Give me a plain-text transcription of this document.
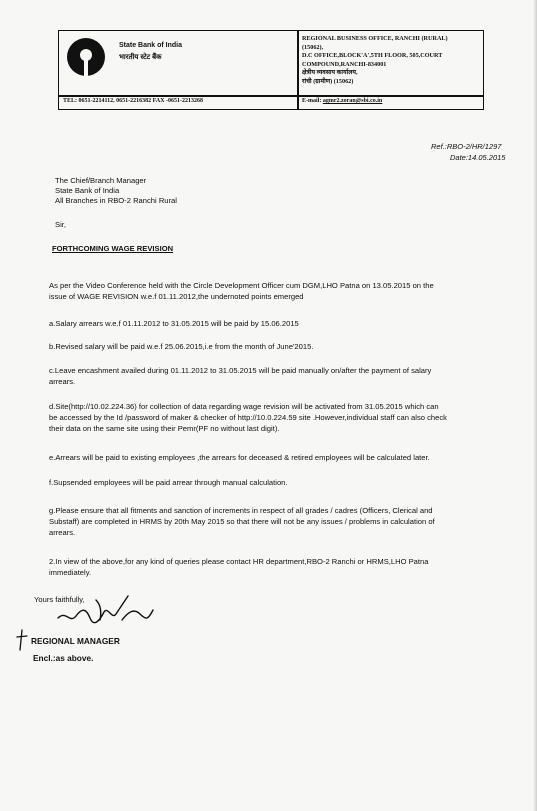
State Bank of India
भारतीय स्टेट बैंक
REGIONAL BUSINESS OFFICE, RANCHI (RURAL)
(15062),
D.C OFFICE,BLOCK'A',5TH FLOOR, 505,COURT
COMPOUND,RANCHI-834001
क्षेत्रीय व्यवसाय कार्यालय,
रांची (ग्रामीण) (15062)
TEL: 0651-2214112, 0651-2216382 FAX -0651-2213268	E-mail: agmr2.zoran@sbi.co.in
Ref.:RBO-2/HR/1297
Date:14.05.2015
The Chief/Branch Manager
State Bank of India
All Branches in RBO-2 Ranchi Rural
Sir,
FORTHCOMING WAGE REVISION
As per the Video Conference held with the Circle Development Officer cum DGM,LHO Patna on 13.05.2015 on the
issue of WAGE REVISION w.e.f 01.11.2012,the undernoted points emerged
a.Salary arrears w.e.f 01.11.2012 to 31.05.2015 will be paid by 15.06.2015
b.Revised salary will be paid w.e.f 25.06.2015,i.e from the month of June'2015.
c.Leave encashment availed during 01.11.2012 to 31.05.2015 will be paid manually on/after the payment of salary
arrears.
d.Site(http://10.02.224.36) for collection of data regarding wage revision will be activated from 31.05.2015 which can
be accessed by the Id /password of maker & checker of http://10.0.224.59 site .However,individual staff can also check
their data on the same site using their Pemr(PF no without last digit).
e.Arrears will be paid to existing employees ,the arrears for deceased & retired employees will be calculated later.
f.Supsended employees will be paid arrear through manual calculation.
g.Please ensure that all fitments and sanction of increments in respect of all grades / cadres (Officers, Clerical and
Substaff) are completed in HRMS by 20th May 2015 so that there will not be any issues / problems in calculation of
arrears.
2.In view of the above,for any kind of queries please contact HR department,RBO-2 Ranchi or HRMS,LHO Patna
immediately.
Yours faithfully,
REGIONAL MANAGER
Encl.:as above.
